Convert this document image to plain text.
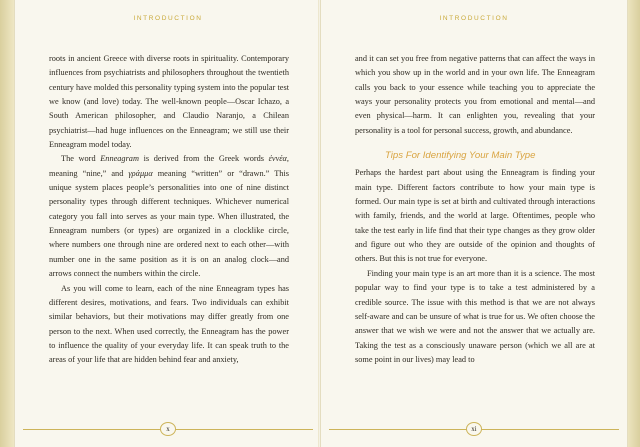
INTRODUCTION

roots in ancient Greece with diverse roots in spirituality. Contemporary influences from psychiatrists and philosophers throughout the twentieth century have molded this personality typing system into the popular test we know (and love) today. The well-known people—Oscar Ichazo, a South American philosopher, and Claudio Naranjo, a Chilean psychiatrist—had huge influences on the Enneagram; we still use their Enneagram model today.

The word Enneagram is derived from the Greek words ἐννέα, meaning “nine,” and γράμμα meaning “written” or “drawn.” This unique system places people’s personalities into one of nine distinct personality types through different techniques. Whichever numerical category you fall into serves as your main type. When illustrated, the Enneagram numbers (or types) are organized in a clocklike circle, where numbers one through nine are ordered next to each other—with number one in the same position as it is on an analog clock—and arrows connect the numbers within the circle.

As you will come to learn, each of the nine Enneagram types has different desires, motivations, and fears. Two individuals can exhibit similar behaviors, but their motivations may differ greatly from one person to the next. When used correctly, the Enneagram has the power to influence the quality of your everyday life. It can speak truth to the areas of your life that are hidden behind fear and anxiety,

x
INTRODUCTION

and it can set you free from negative patterns that can affect the ways in which you show up in the world and in your own life. The Enneagram calls you back to your essence while teaching you to appreciate the ways your personality protects you from emotional and mental—and even physical—harm. It can enlighten you, revealing that your personality is a tool for personal success, growth, and abundance.

Tips For Identifying Your Main Type

Perhaps the hardest part about using the Enneagram is finding your main type. Different factors contribute to how your main type is formed. Our main type is set at birth and cultivated through interactions with family, friends, and the world at large. Oftentimes, people who take the test early in life find that their type changes as they grow older and figure out who they are outside of the opinion and thoughts of others. But this is not true for everyone.

Finding your main type is an art more than it is a science. The most popular way to find your type is to take a test administered by a credible source. The issue with this method is that we are not always self-aware and can be unsure of what is true for us. We often choose the answer that we wish we were and not the answer that we actually are. Taking the test as a consciously unaware person (which we all are at some point in our lives) may lead to

xi
